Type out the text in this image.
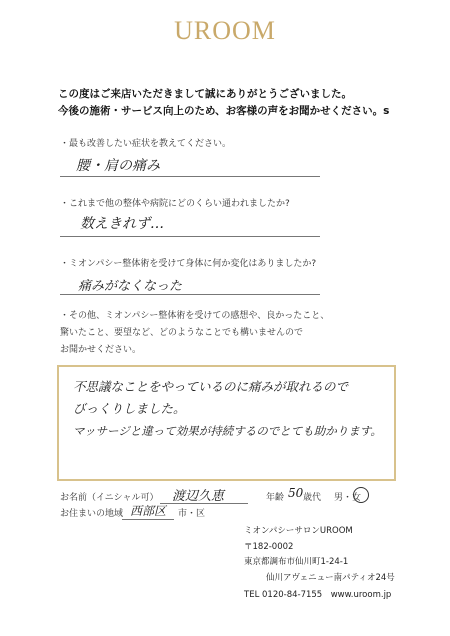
UROOM
この度はご来店いただきまして誠にありがとうございました。
今後の施術・サービス向上のため、お客様の声をお聞かせください。s
・最も改善したい症状を教えてください。
腰・肩の痛み
・これまで他の整体や病院にどのくらい通われましたか?
数えきれず…
・ミオンパシー整体術を受けて身体に何か変化はありましたか?
痛みがなくなった
・その他、ミオンパシー整体術を受けての感想や、良かったこと、
驚いたこと、要望など、どのようなことでも構いませんので
お聞かせください。
不思議なことをやっているのに痛みが取れるので
びっくりしました。
マッサージと違って効果が持続するのでとても助かります。
お名前（イニシャル可） 渡辺久恵	年齢 50 歳代 男・女
お住まいの地域 西部区 市・区
ミオンパシーサロンUROOM
〒182-0002
東京都調布市仙川町1-24-1
仙川アヴェニュー南パティオ24号
TEL 0120-84-7155　www.uroom.jp
